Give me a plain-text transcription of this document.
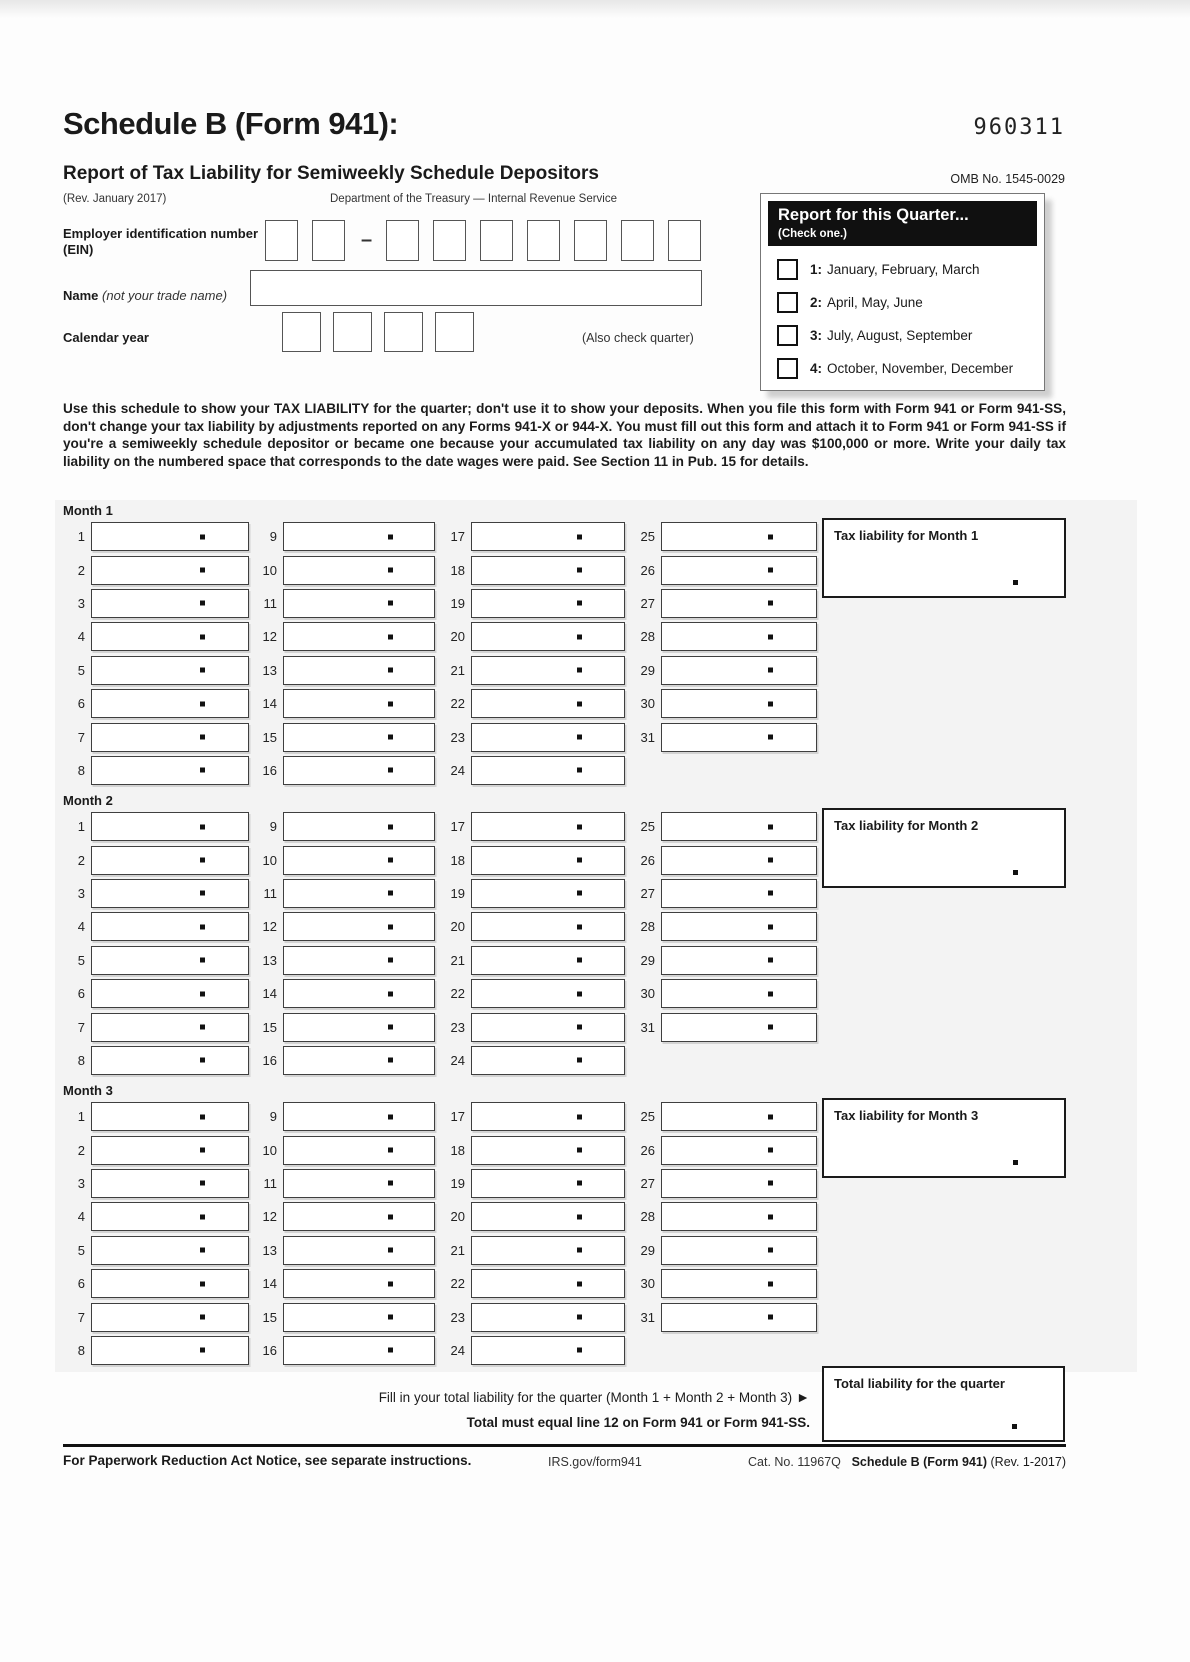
960311
Schedule B (Form 941):
Report of Tax Liability for Semiweekly Schedule Depositors
(Rev. January 2017)	Department of the Treasury — Internal Revenue Service
OMB No. 1545-0029
Report for this Quarter...
(Check one.)
1: January, February, March
2: April, May, June
3: July, August, September
4: October, November, December
Employer identification number
(EIN)	–
Name (not your trade name)
Calendar year	(Also check quarter)
Use this schedule to show your TAX LIABILITY for the quarter; don't use it to show your deposits. When you file this form with Form 941 or Form 941-SS, don't change your tax liability by adjustments reported on any Forms 941-X or 944-X. You must fill out this form and attach it to Form 941 or Form 941-SS if you're a semiweekly schedule depositor or became one because your accumulated tax liability on any day was $100,000 or more. Write your daily tax liability on the numbered space that corresponds to the date wages were paid. See Section 11 in Pub. 15 for details.
Month 1
1
2
3
4
5
6
7
8
9
10
11
12
13
14
15
16
17
18
19
20
21
22
23
24
25
26
27
28
29
30
31
Tax liability for Month 1
Month 2
1
2
3
4
5
6
7
8
9
10
11
12
13
14
15
16
17
18
19
20
21
22
23
24
25
26
27
28
29
30
31
Tax liability for Month 2
Month 3
1
2
3
4
5
6
7
8
9
10
11
12
13
14
15
16
17
18
19
20
21
22
23
24
25
26
27
28
29
30
31
Tax liability for Month 3
Fill in your total liability for the quarter (Month 1 + Month 2 + Month 3) ►
Total must equal line 12 on Form 941 or Form 941-SS.
Total liability for the quarter
For Paperwork Reduction Act Notice, see separate instructions.	IRS.gov/form941	Cat. No. 11967Q Schedule B (Form 941) (Rev. 1-2017)
